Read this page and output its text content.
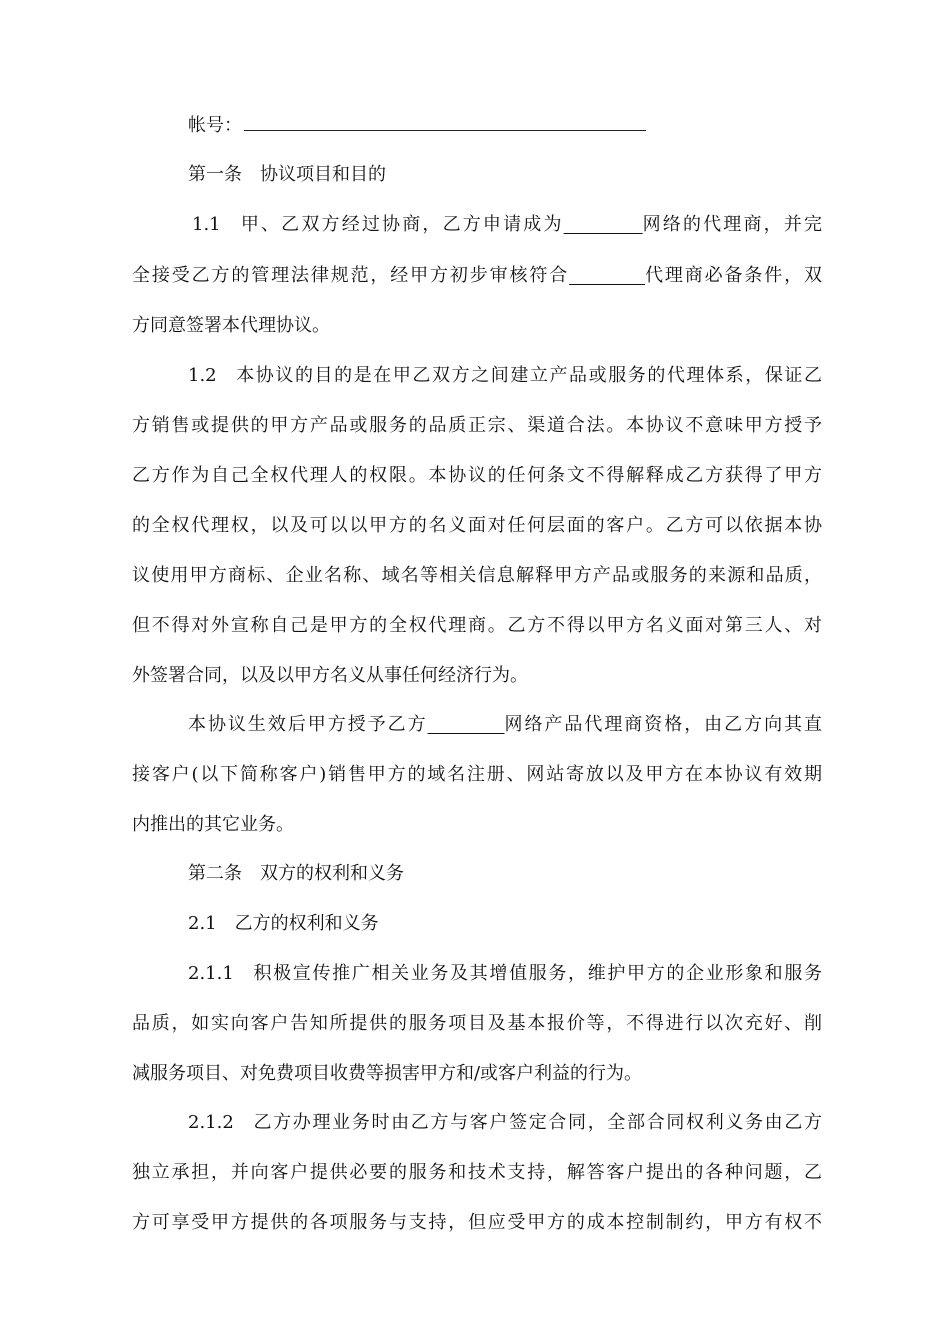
帐号：
第一条 协议项目和目的
1.1 甲、乙双方经过协商，乙方申请成为	网络的代理商，并完
全接受乙方的管理法律规范，经甲方初步审核符合	代理商必备条件，双
方同意签署本代理协议。
1.2 本协议的目的是在甲乙双方之间建立产品或服务的代理体系，保证乙
方销售或提供的甲方产品或服务的品质正宗、渠道合法。本协议不意味甲方授予
乙方作为自己全权代理人的权限。本协议的任何条文不得解释成乙方获得了甲方
的全权代理权，以及可以以甲方的名义面对任何层面的客户。乙方可以依据本协
议使用甲方商标、企业名称、域名等相关信息解释甲方产品或服务的来源和品质，
但不得对外宣称自己是甲方的全权代理商。乙方不得以甲方名义面对第三人、对
外签署合同，以及以甲方名义从事任何经济行为。
本协议生效后甲方授予乙方	网络产品代理商资格，由乙方向其直
接客户(以下简称客户)销售甲方的域名注册、网站寄放以及甲方在本协议有效期
内推出的其它业务。
第二条 双方的权利和义务
2.1 乙方的权利和义务
2.1.1 积极宣传推广相关业务及其增值服务，维护甲方的企业形象和服务
品质，如实向客户告知所提供的服务项目及基本报价等，不得进行以次充好、削
减服务项目、对免费项目收费等损害甲方和/或客户利益的行为。
2.1.2 乙方办理业务时由乙方与客户签定合同，全部合同权利义务由乙方
独立承担，并向客户提供必要的服务和技术支持，解答客户提出的各种问题，乙
方可享受甲方提供的各项服务与支持，但应受甲方的成本控制制约，甲方有权不
